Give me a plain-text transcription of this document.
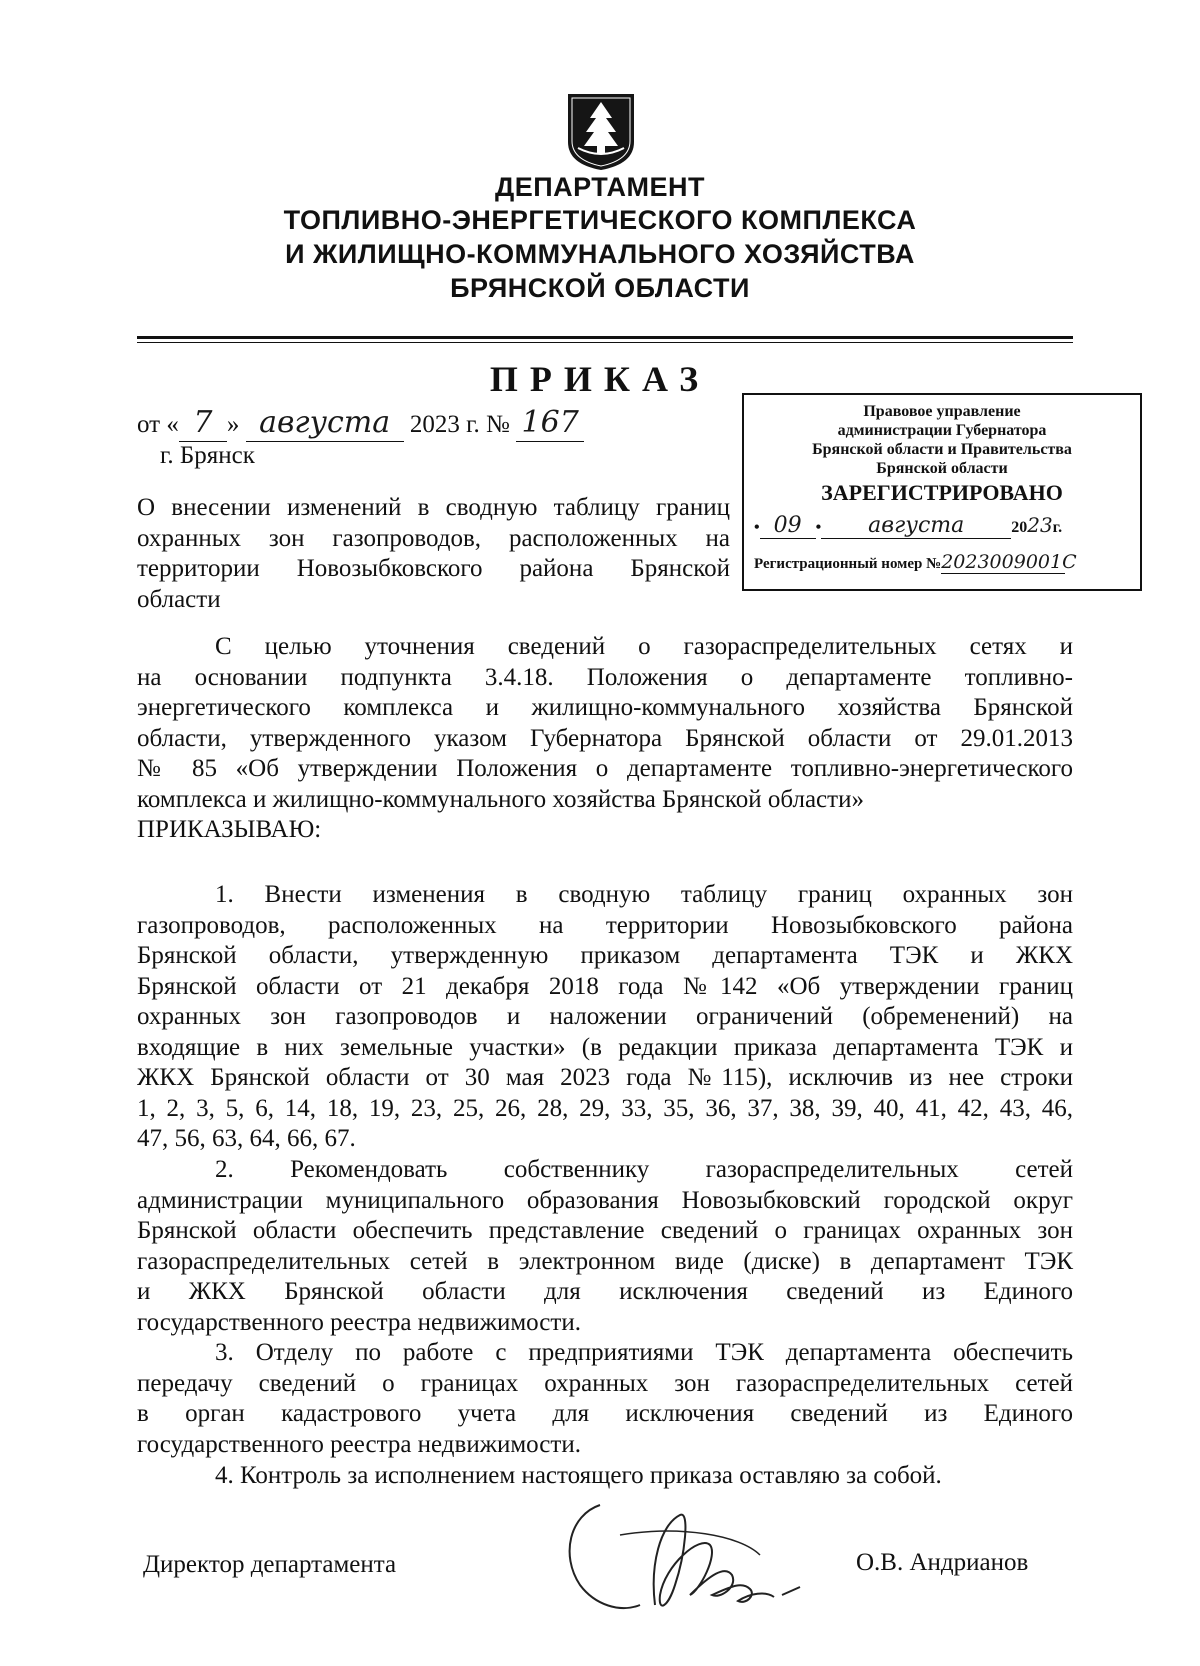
ДЕПАРТАМЕНТ
ТОПЛИВНО-ЭНЕРГЕТИЧЕСКОГО КОМПЛЕКСА
И ЖИЛИЩНО-КОММУНАЛЬНОГО ХОЗЯЙСТВА
БРЯНСКОЙ ОБЛАСТИ
ПРИКАЗ
от « 7 » августа 2023 г. № 167
г. Брянск
О внесении изменений в сводную таблицу границ
охранных зон газопроводов, расположенных на
территории Новозыбковского района Брянской
области
Правовое управление
администрации Губернатора
Брянской области и Правительства
Брянской области
ЗАРЕГИСТРИРОВАНО
• 09 • августа	2023г.
Регистрационный номер №2023009001С
С целью уточнения сведений о газораспределительных сетях и
на основании подпункта 3.4.18. Положения о департаменте топливно-
энергетического комплекса и жилищно-коммунального хозяйства Брянской
области, утвержденного указом Губернатора Брянской области от 29.01.2013
№ 85 «Об утверждении Положения о департаменте топливно-энергетического
комплекса и жилищно-коммунального хозяйства Брянской области»
ПРИКАЗЫВАЮ:
1. Внести изменения в сводную таблицу границ охранных зон
газопроводов, расположенных на территории Новозыбковского района
Брянской области, утвержденную приказом департамента ТЭК и ЖКХ
Брянской области от 21 декабря 2018 года №142 «Об утверждении границ
охранных зон газопроводов и наложении ограничений (обременений) на
входящие в них земельные участки» (в редакции приказа департамента ТЭК и
ЖКХ Брянской области от 30 мая 2023 года №115), исключив из нее строки
1, 2, 3, 5, 6, 14, 18, 19, 23, 25, 26, 28, 29, 33, 35, 36, 37, 38, 39, 40, 41, 42, 43, 46,
47, 56, 63, 64, 66, 67.
2. Рекомендовать собственнику газораспределительных сетей
администрации муниципального образования Новозыбковский городской округ
Брянской области обеспечить представление сведений о границах охранных зон
газораспределительных сетей в электронном виде (диске) в департамент ТЭК
и ЖКХ Брянской области для исключения сведений из Единого
государственного реестра недвижимости.
3. Отделу по работе с предприятиями ТЭК департамента обеспечить
передачу сведений о границах охранных зон газораспределительных сетей
в орган кадастрового учета для исключения сведений из Единого
государственного реестра недвижимости.
4. Контроль за исполнением настоящего приказа оставляю за собой.
Директор департамента	О.В. Андрианов
